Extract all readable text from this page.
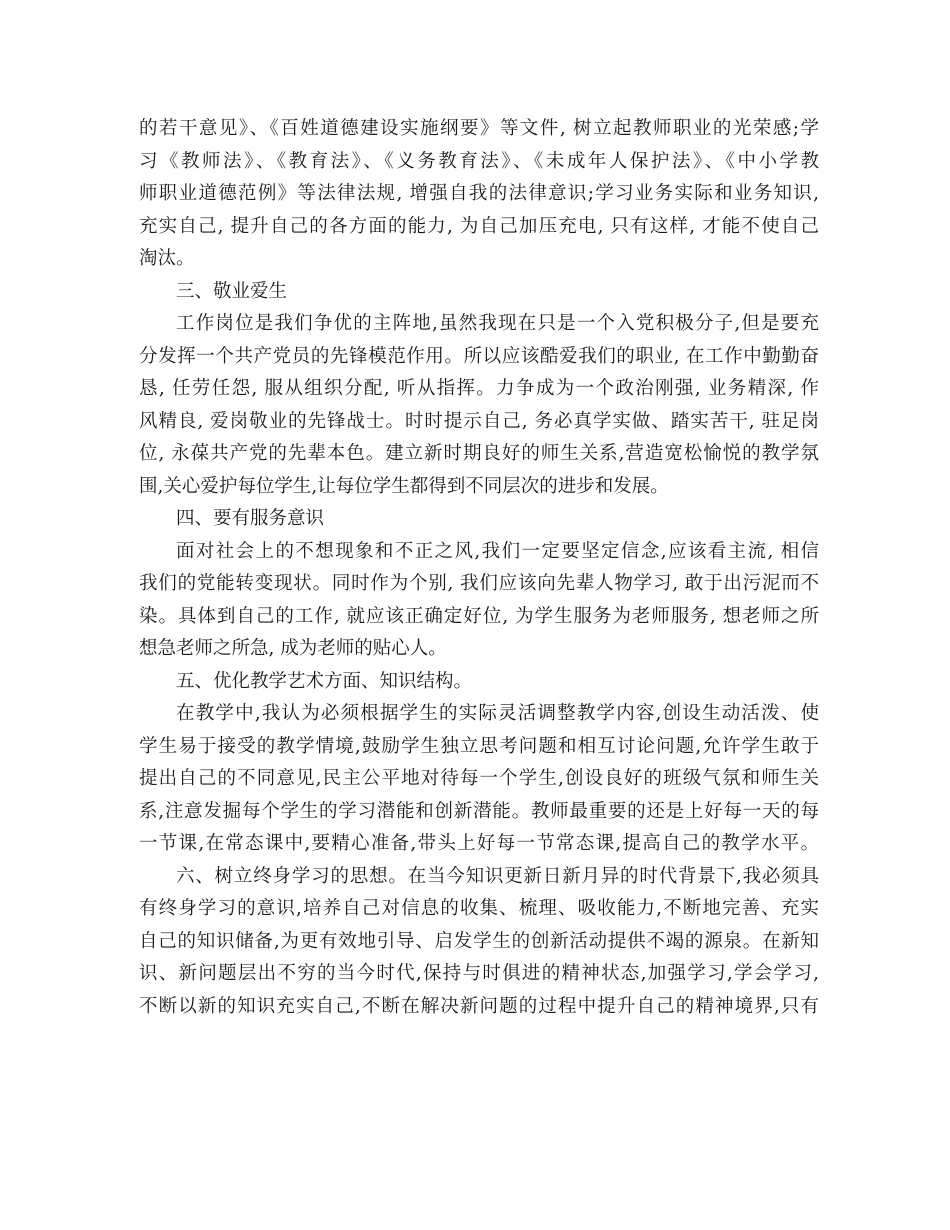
的若干意见》、《百姓道德建设实施纲要》等文件, 树立起教师职业的光荣感;学
习《教师法》、《教育法》、《义务教育法》、《未成年人保护法》、《中小学教
师职业道德范例》等法律法规, 增强自我的法律意识;学习业务实际和业务知识,
充实自己, 提升自己的各方面的能力, 为自己加压充电, 只有这样, 才能不使自己
淘汰。
三、敬业爱生
工作岗位是我们争优的主阵地,虽然我现在只是一个入党积极分子,但是要充
分发挥一个共产党员的先锋模范作用。所以应该酷爱我们的职业, 在工作中勤勤奋
恳, 任劳任怨, 服从组织分配, 听从指挥。力争成为一个政治刚强, 业务精深, 作
风精良, 爱岗敬业的先锋战士。时时提示自己, 务必真学实做、踏实苦干, 驻足岗
位, 永葆共产党的先辈本色。建立新时期良好的师生关系,营造宽松愉悦的教学氛
围,关心爱护每位学生,让每位学生都得到不同层次的进步和发展。
四、要有服务意识
面对社会上的不想现象和不正之风,我们一定要坚定信念,应该看主流, 相信
我们的党能转变现状。同时作为个别, 我们应该向先辈人物学习, 敢于出污泥而不
染。具体到自己的工作, 就应该正确定好位, 为学生服务为老师服务, 想老师之所
想急老师之所急, 成为老师的贴心人。
五、优化教学艺术方面、知识结构。
在教学中,我认为必须根据学生的实际灵活调整教学内容,创设生动活泼、使
学生易于接受的教学情境,鼓励学生独立思考问题和相互讨论问题,允许学生敢于
提出自己的不同意见,民主公平地对待每一个学生,创设良好的班级气氛和师生关
系,注意发掘每个学生的学习潜能和创新潜能。教师最重要的还是上好每一天的每
一节课,在常态课中,要精心准备,带头上好每一节常态课,提高自己的教学水平。
六、树立终身学习的思想。在当今知识更新日新月异的时代背景下,我必须具
有终身学习的意识,培养自己对信息的收集、梳理、吸收能力,不断地完善、充实
自己的知识储备,为更有效地引导、启发学生的创新活动提供不竭的源泉。在新知
识、新问题层出不穷的当今时代,保持与时俱进的精神状态,加强学习,学会学习,
不断以新的知识充实自己,不断在解决新问题的过程中提升自己的精神境界,只有
